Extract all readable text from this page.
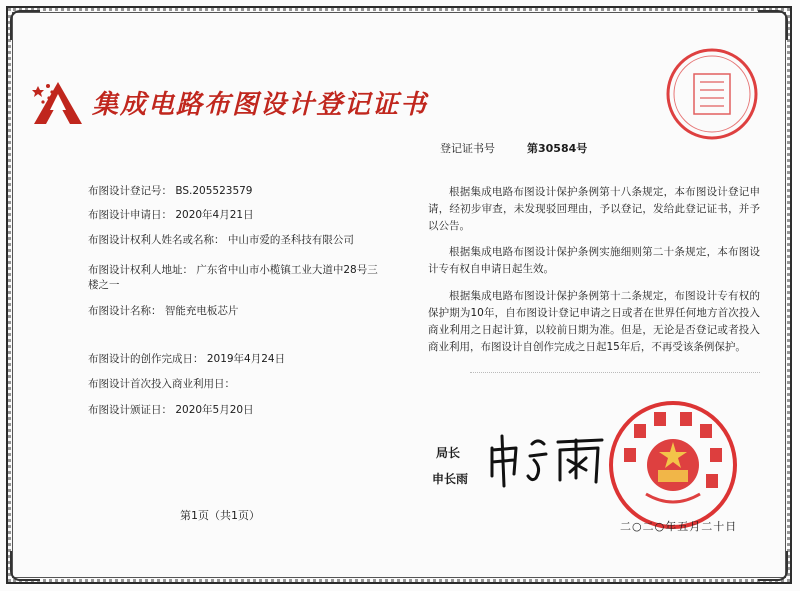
集成电路布图设计登记证书
登记证书号	第30584号
布图设计登记号： BS.205523579
布图设计申请日： 2020年4月21日
布图设计权利人姓名或名称： 中山市爱的圣科技有限公司
布图设计权利人地址： 广东省中山市小榄镇工业大道中28号三楼之一
布图设计名称： 智能充电板芯片
布图设计的创作完成日： 2019年4月24日
布图设计首次投入商业利用日：
布图设计颁证日： 2020年5月20日

根据集成电路布图设计保护条例第十八条规定，本布图设计登记申请，经初步审查，未发现驳回理由，予以登记，发给此登记证书，并予以公告。

根据集成电路布图设计保护条例实施细则第二十条规定，本布图设计专有权自申请日起生效。

根据集成电路布图设计保护条例第十二条规定，布图设计专有权的保护期为10年，自布图设计登记申请之日或者在世界任何地方首次投入商业利用之日起计算，以较前日期为准。但是，无论是否登记或者投入商业利用，布图设计自创作完成之日起15年后，不再受该条例保护。

局长
申长雨
二○二○年五月二十日
第1页（共1页）
